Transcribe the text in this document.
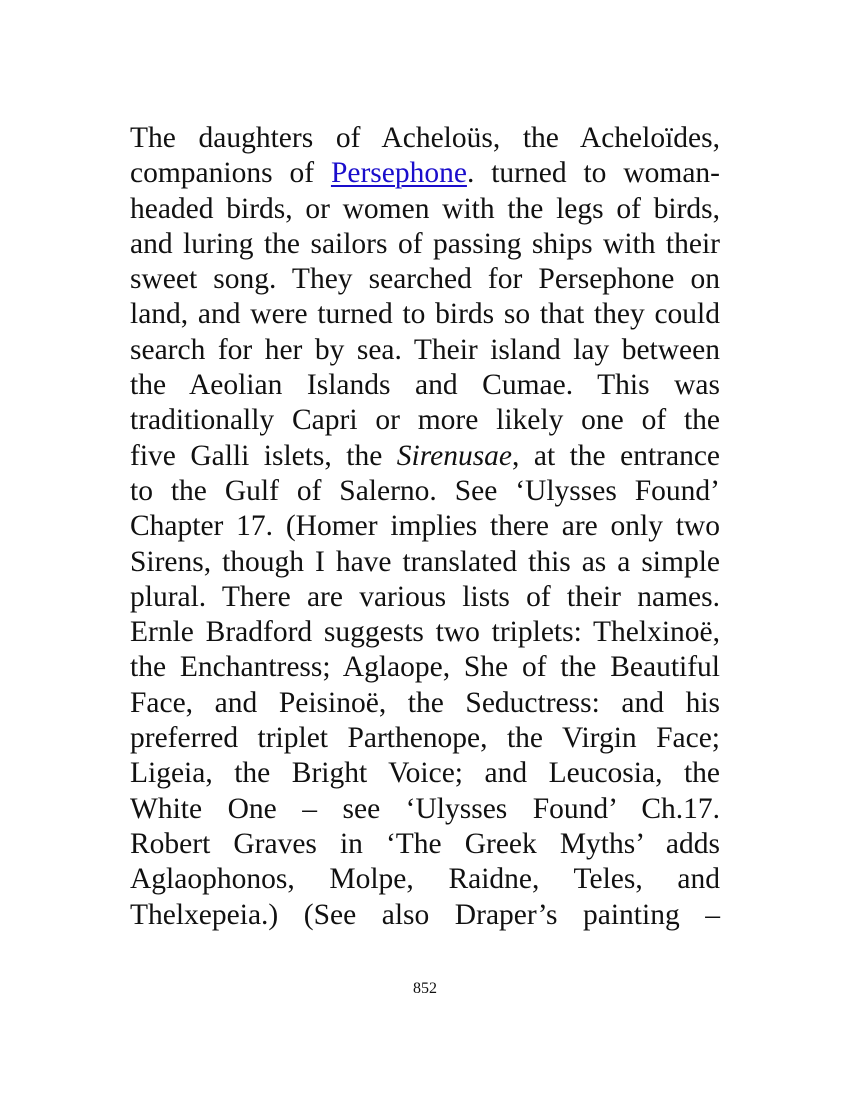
The daughters of Acheloüs, the Acheloïdes,
companions of Persephone. turned to woman-
headed birds, or women with the legs of birds,
and luring the sailors of passing ships with their
sweet song. They searched for Persephone on
land, and were turned to birds so that they could
search for her by sea. Their island lay between
the Aeolian Islands and Cumae. This was
traditionally Capri or more likely one of the
five Galli islets, the Sirenusae, at the entrance
to the Gulf of Salerno. See ‘Ulysses Found’
Chapter 17. (Homer implies there are only two
Sirens, though I have translated this as a simple
plural. There are various lists of their names.
Ernle Bradford suggests two triplets: Thelxinoë,
the Enchantress; Aglaope, She of the Beautiful
Face, and Peisinoë, the Seductress: and his
preferred triplet Parthenope, the Virgin Face;
Ligeia, the Bright Voice; and Leucosia, the
White One – see ‘Ulysses Found’ Ch.17.
Robert Graves in ‘The Greek Myths’ adds
Aglaophonos, Molpe, Raidne, Teles, and
Thelxepeia.) (See also Draper’s painting –
852
